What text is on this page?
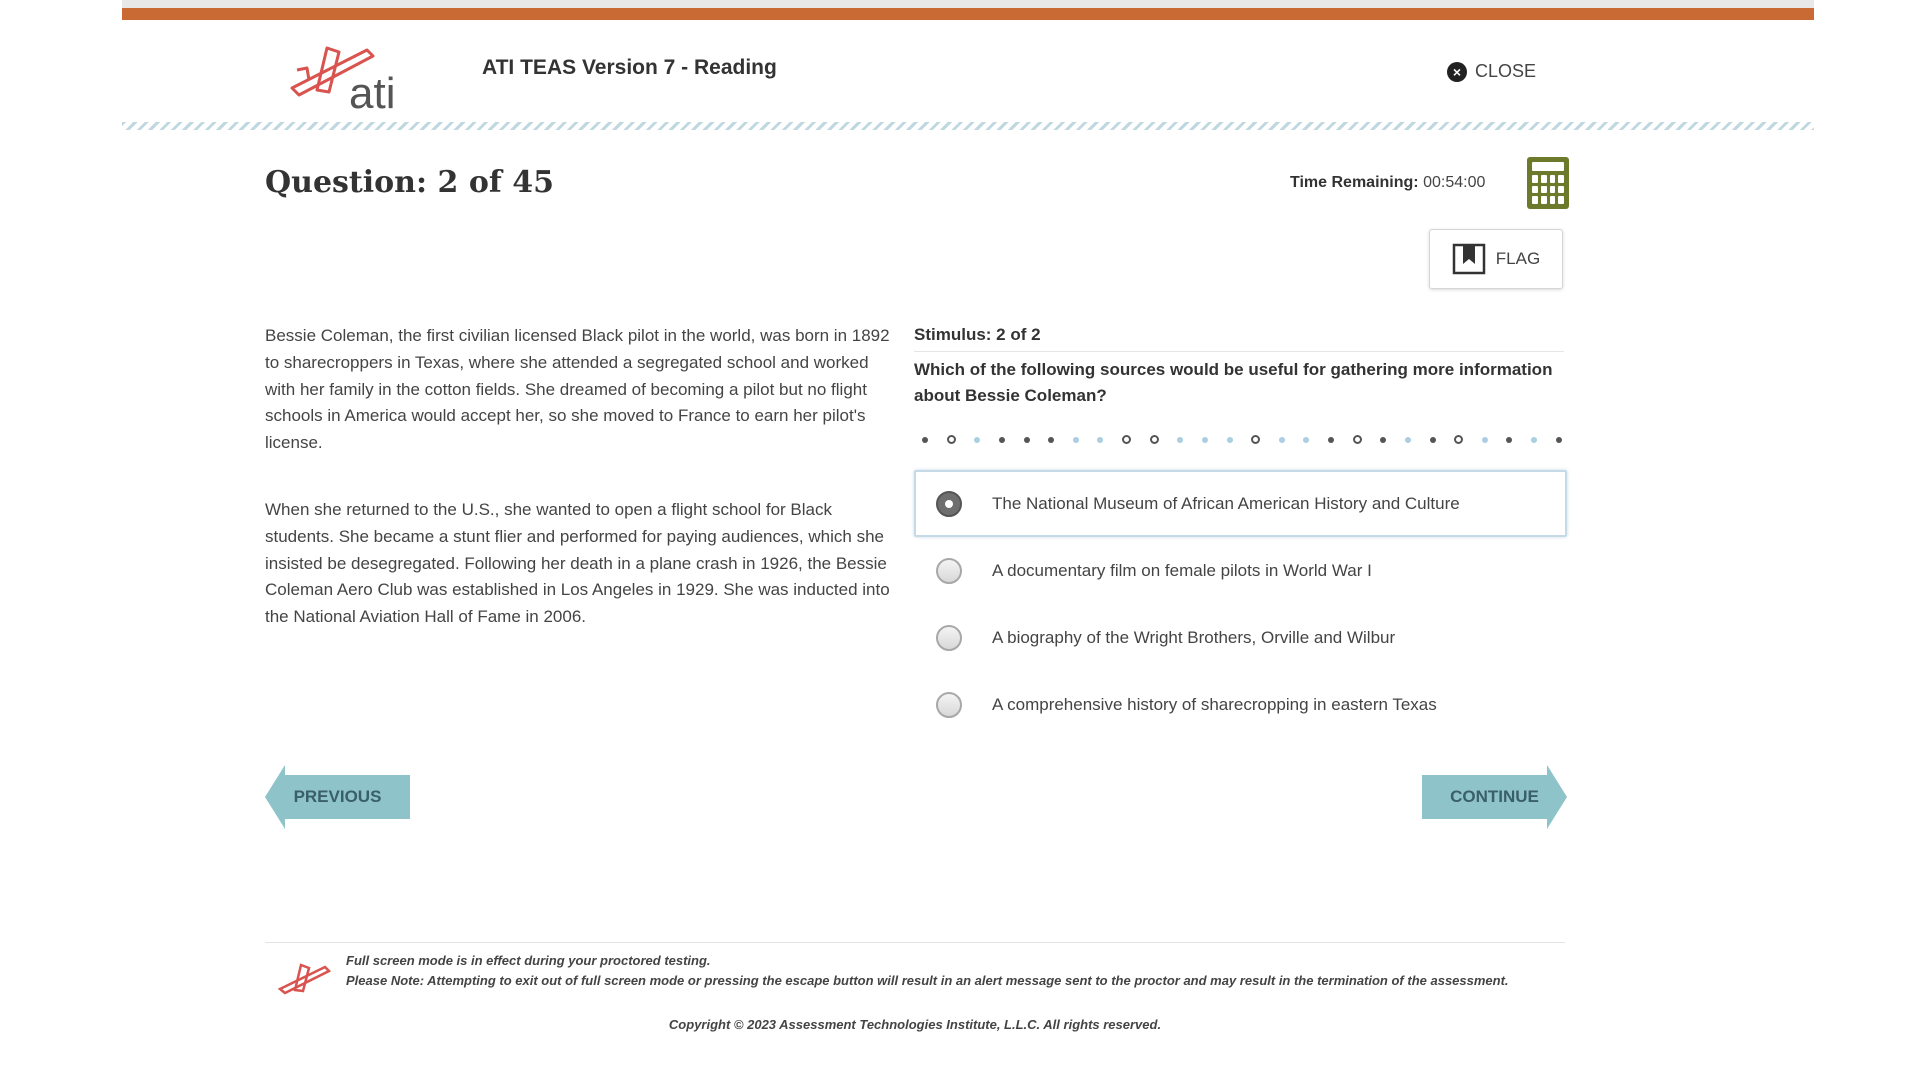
ati
ATI TEAS Version 7 - Reading	× CLOSE
Question: 2 of 45	Time Remaining: 00:54:00
FLAG

Bessie Coleman, the first civilian licensed Black pilot in the world, was born in 1892 to sharecroppers in Texas, where she attended a segregated school and worked with her family in the cotton fields. She dreamed of becoming a pilot but no flight schools in America would accept her, so she moved to France to earn her pilot's license.

When she returned to the U.S., she wanted to open a flight school for Black students. She became a stunt flier and performed for paying audiences, which she insisted be desegregated. Following her death in a plane crash in 1926, the Bessie Coleman Aero Club was established in Los Angeles in 1929. She was inducted into the National Aviation Hall of Fame in 2006.

Stimulus: 2 of 2
Which of the following sources would be useful for gathering more information about Bessie Coleman?
The National Museum of African American History and Culture
A documentary film on female pilots in World War I
A biography of the Wright Brothers, Orville and Wilbur
A comprehensive history of sharecropping in eastern Texas
PREVIOUS	CONTINUE
Full screen mode is in effect during your proctored testing.
Please Note: Attempting to exit out of full screen mode or pressing the escape button will result in an alert message sent to the proctor and may result in the termination of the assessment.
Copyright © 2023 Assessment Technologies Institute, L.L.C. All rights reserved.
